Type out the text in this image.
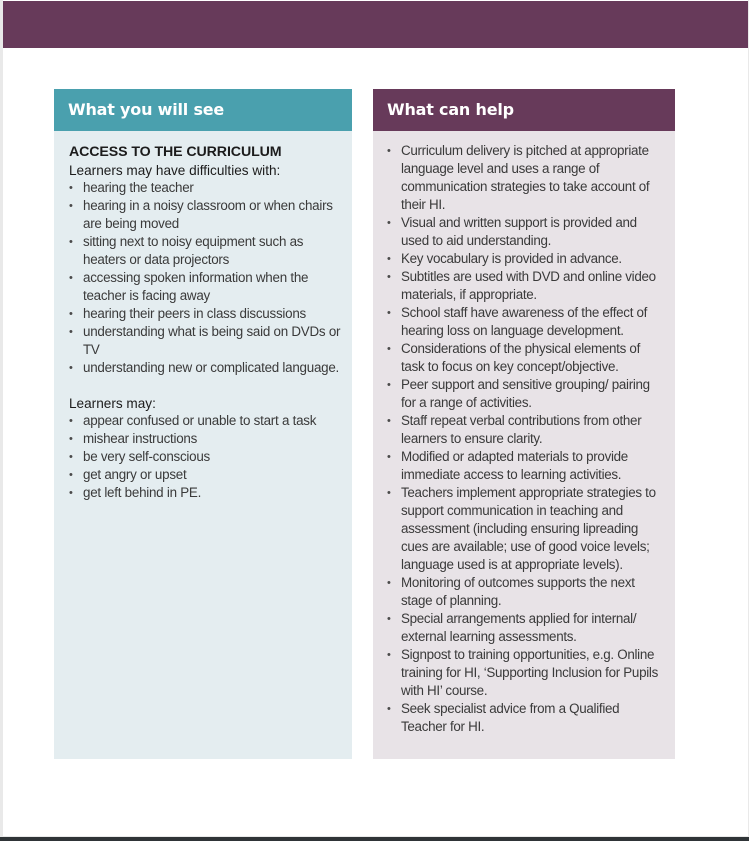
What you will see
ACCESS TO THE CURRICULUM
Learners may have difficulties with:
• hearing the teacher
• hearing in a noisy classroom or when chairs are being moved
• sitting next to noisy equipment such as heaters or data projectors
• accessing spoken information when the teacher is facing away
• hearing their peers in class discussions
• understanding what is being said on DVDs or TV
• understanding new or complicated language.
Learners may:
• appear confused or unable to start a task
• mishear instructions
• be very self-conscious
• get angry or upset
• get left behind in PE.
What can help
• Curriculum delivery is pitched at appropriate language level and uses a range of communication strategies to take account of their HI.
• Visual and written support is provided and used to aid understanding.
• Key vocabulary is provided in advance.
• Subtitles are used with DVD and online video materials, if appropriate.
• School staff have awareness of the effect of hearing loss on language development.
• Considerations of the physical elements of task to focus on key concept/objective.
• Peer support and sensitive grouping/ pairing for a range of activities.
• Staff repeat verbal contributions from other learners to ensure clarity.
• Modified or adapted materials to provide immediate access to learning activities.
• Teachers implement appropriate strategies to support communication in teaching and assessment (including ensuring lipreading cues are available; use of good voice levels; language used is at appropriate levels).
• Monitoring of outcomes supports the next stage of planning.
• Special arrangements applied for internal/ external learning assessments.
• Signpost to training opportunities, e.g. Online training for HI, ‘Supporting Inclusion for Pupils with HI’ course.
• Seek specialist advice from a Qualified Teacher for HI.
